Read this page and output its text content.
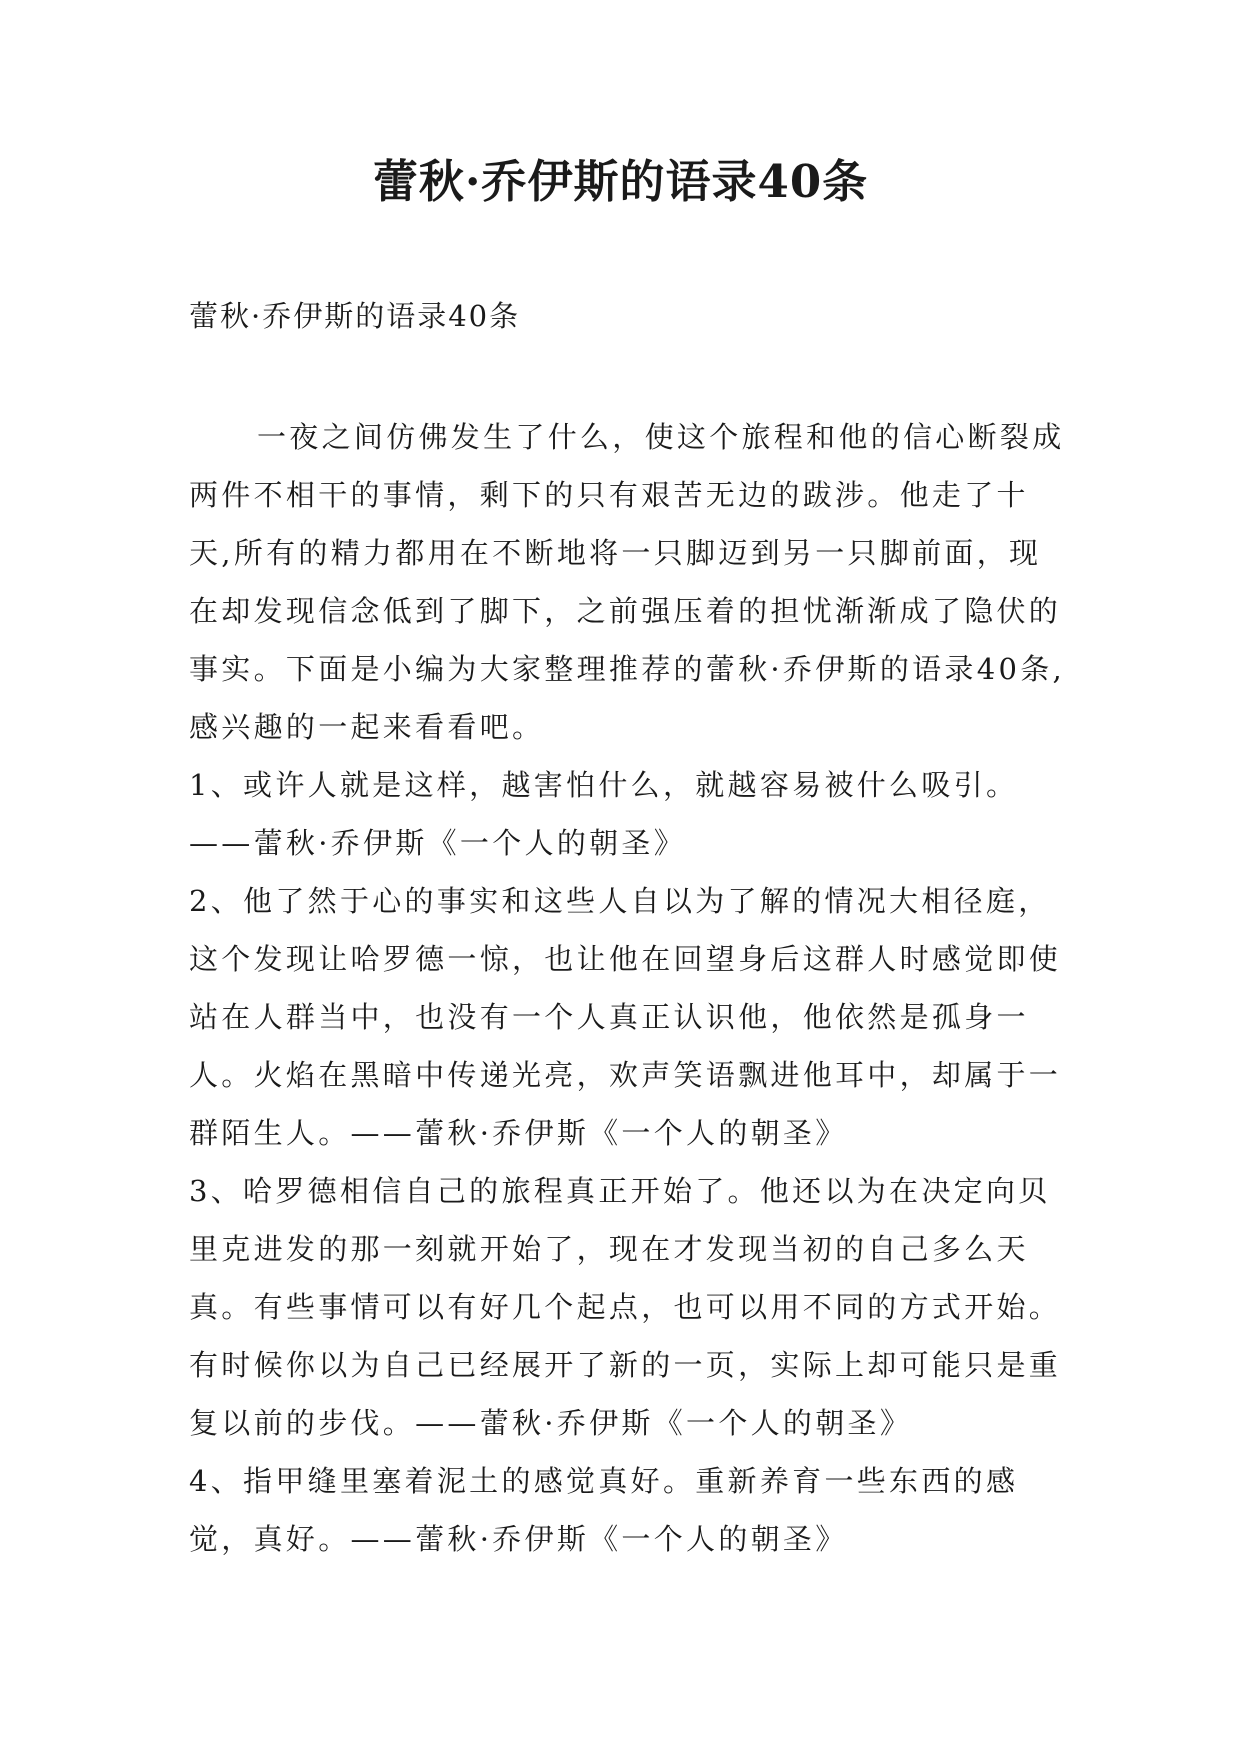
蕾秋·乔伊斯的语录40条
蕾秋·乔伊斯的语录40条

一夜之间仿佛发生了什么，使这个旅程和他的信心断裂成两件不相干的事情，剩下的只有艰苦无边的跋涉。他走了十天,所有的精力都用在不断地将一只脚迈到另一只脚前面，现在却发现信念低到了脚下，之前强压着的担忧渐渐成了隐伏的事实。下面是小编为大家整理推荐的蕾秋·乔伊斯的语录40条,感兴趣的一起来看看吧。

1、或许人就是这样，越害怕什么，就越容易被什么吸引。——蕾秋·乔伊斯《一个人的朝圣》

2、他了然于心的事实和这些人自以为了解的情况大相径庭，这个发现让哈罗德一惊，也让他在回望身后这群人时感觉即使站在人群当中，也没有一个人真正认识他，他依然是孤身一人。火焰在黑暗中传递光亮，欢声笑语飘进他耳中，却属于一群陌生人。——蕾秋·乔伊斯《一个人的朝圣》

3、哈罗德相信自己的旅程真正开始了。他还以为在决定向贝里克进发的那一刻就开始了，现在才发现当初的自己多么天真。有些事情可以有好几个起点，也可以用不同的方式开始。有时候你以为自己已经展开了新的一页，实际上却可能只是重复以前的步伐。——蕾秋·乔伊斯《一个人的朝圣》

4、指甲缝里塞着泥土的感觉真好。重新养育一些东西的感觉，真好。——蕾秋·乔伊斯《一个人的朝圣》
